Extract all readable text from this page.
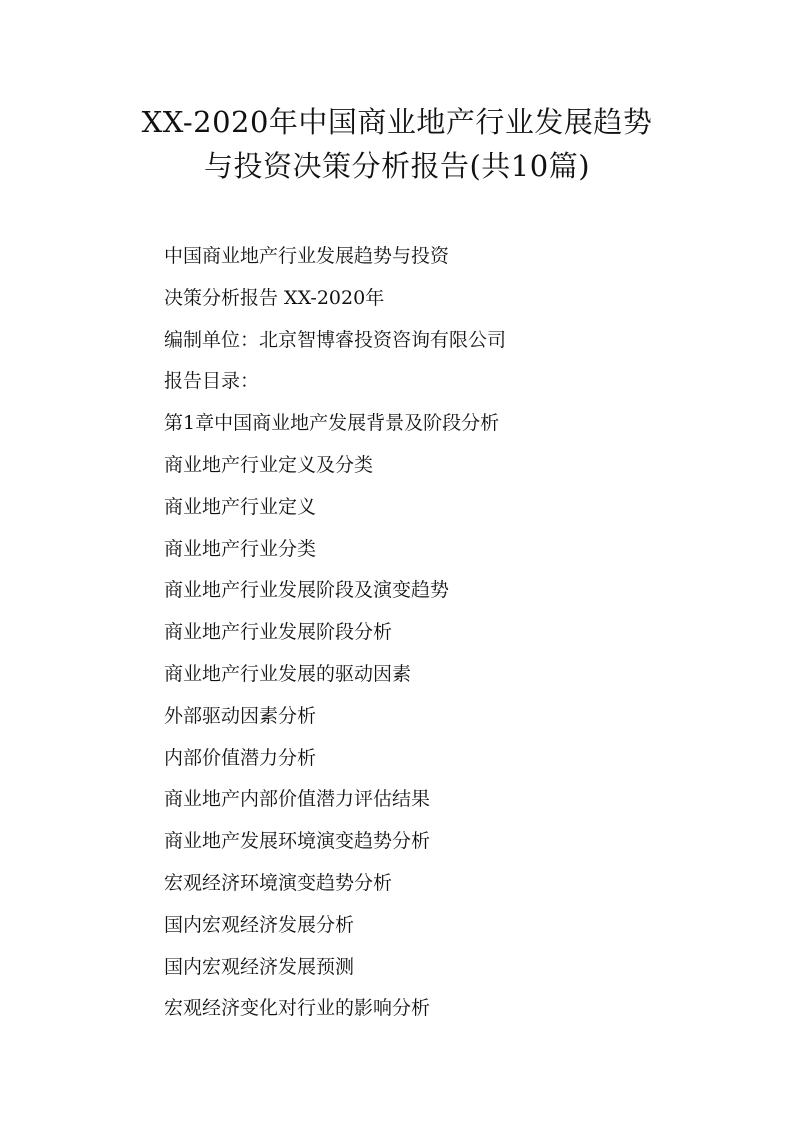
XX-2020年中国商业地产行业发展趋势
与投资决策分析报告(共10篇)
中国商业地产行业发展趋势与投资
决策分析报告 XX-2020年
编制单位：北京智博睿投资咨询有限公司
报告目录：
第1章中国商业地产发展背景及阶段分析
商业地产行业定义及分类
商业地产行业定义
商业地产行业分类
商业地产行业发展阶段及演变趋势
商业地产行业发展阶段分析
商业地产行业发展的驱动因素
外部驱动因素分析
内部价值潜力分析
商业地产内部价值潜力评估结果
商业地产发展环境演变趋势分析
宏观经济环境演变趋势分析
国内宏观经济发展分析
国内宏观经济发展预测
宏观经济变化对行业的影响分析
